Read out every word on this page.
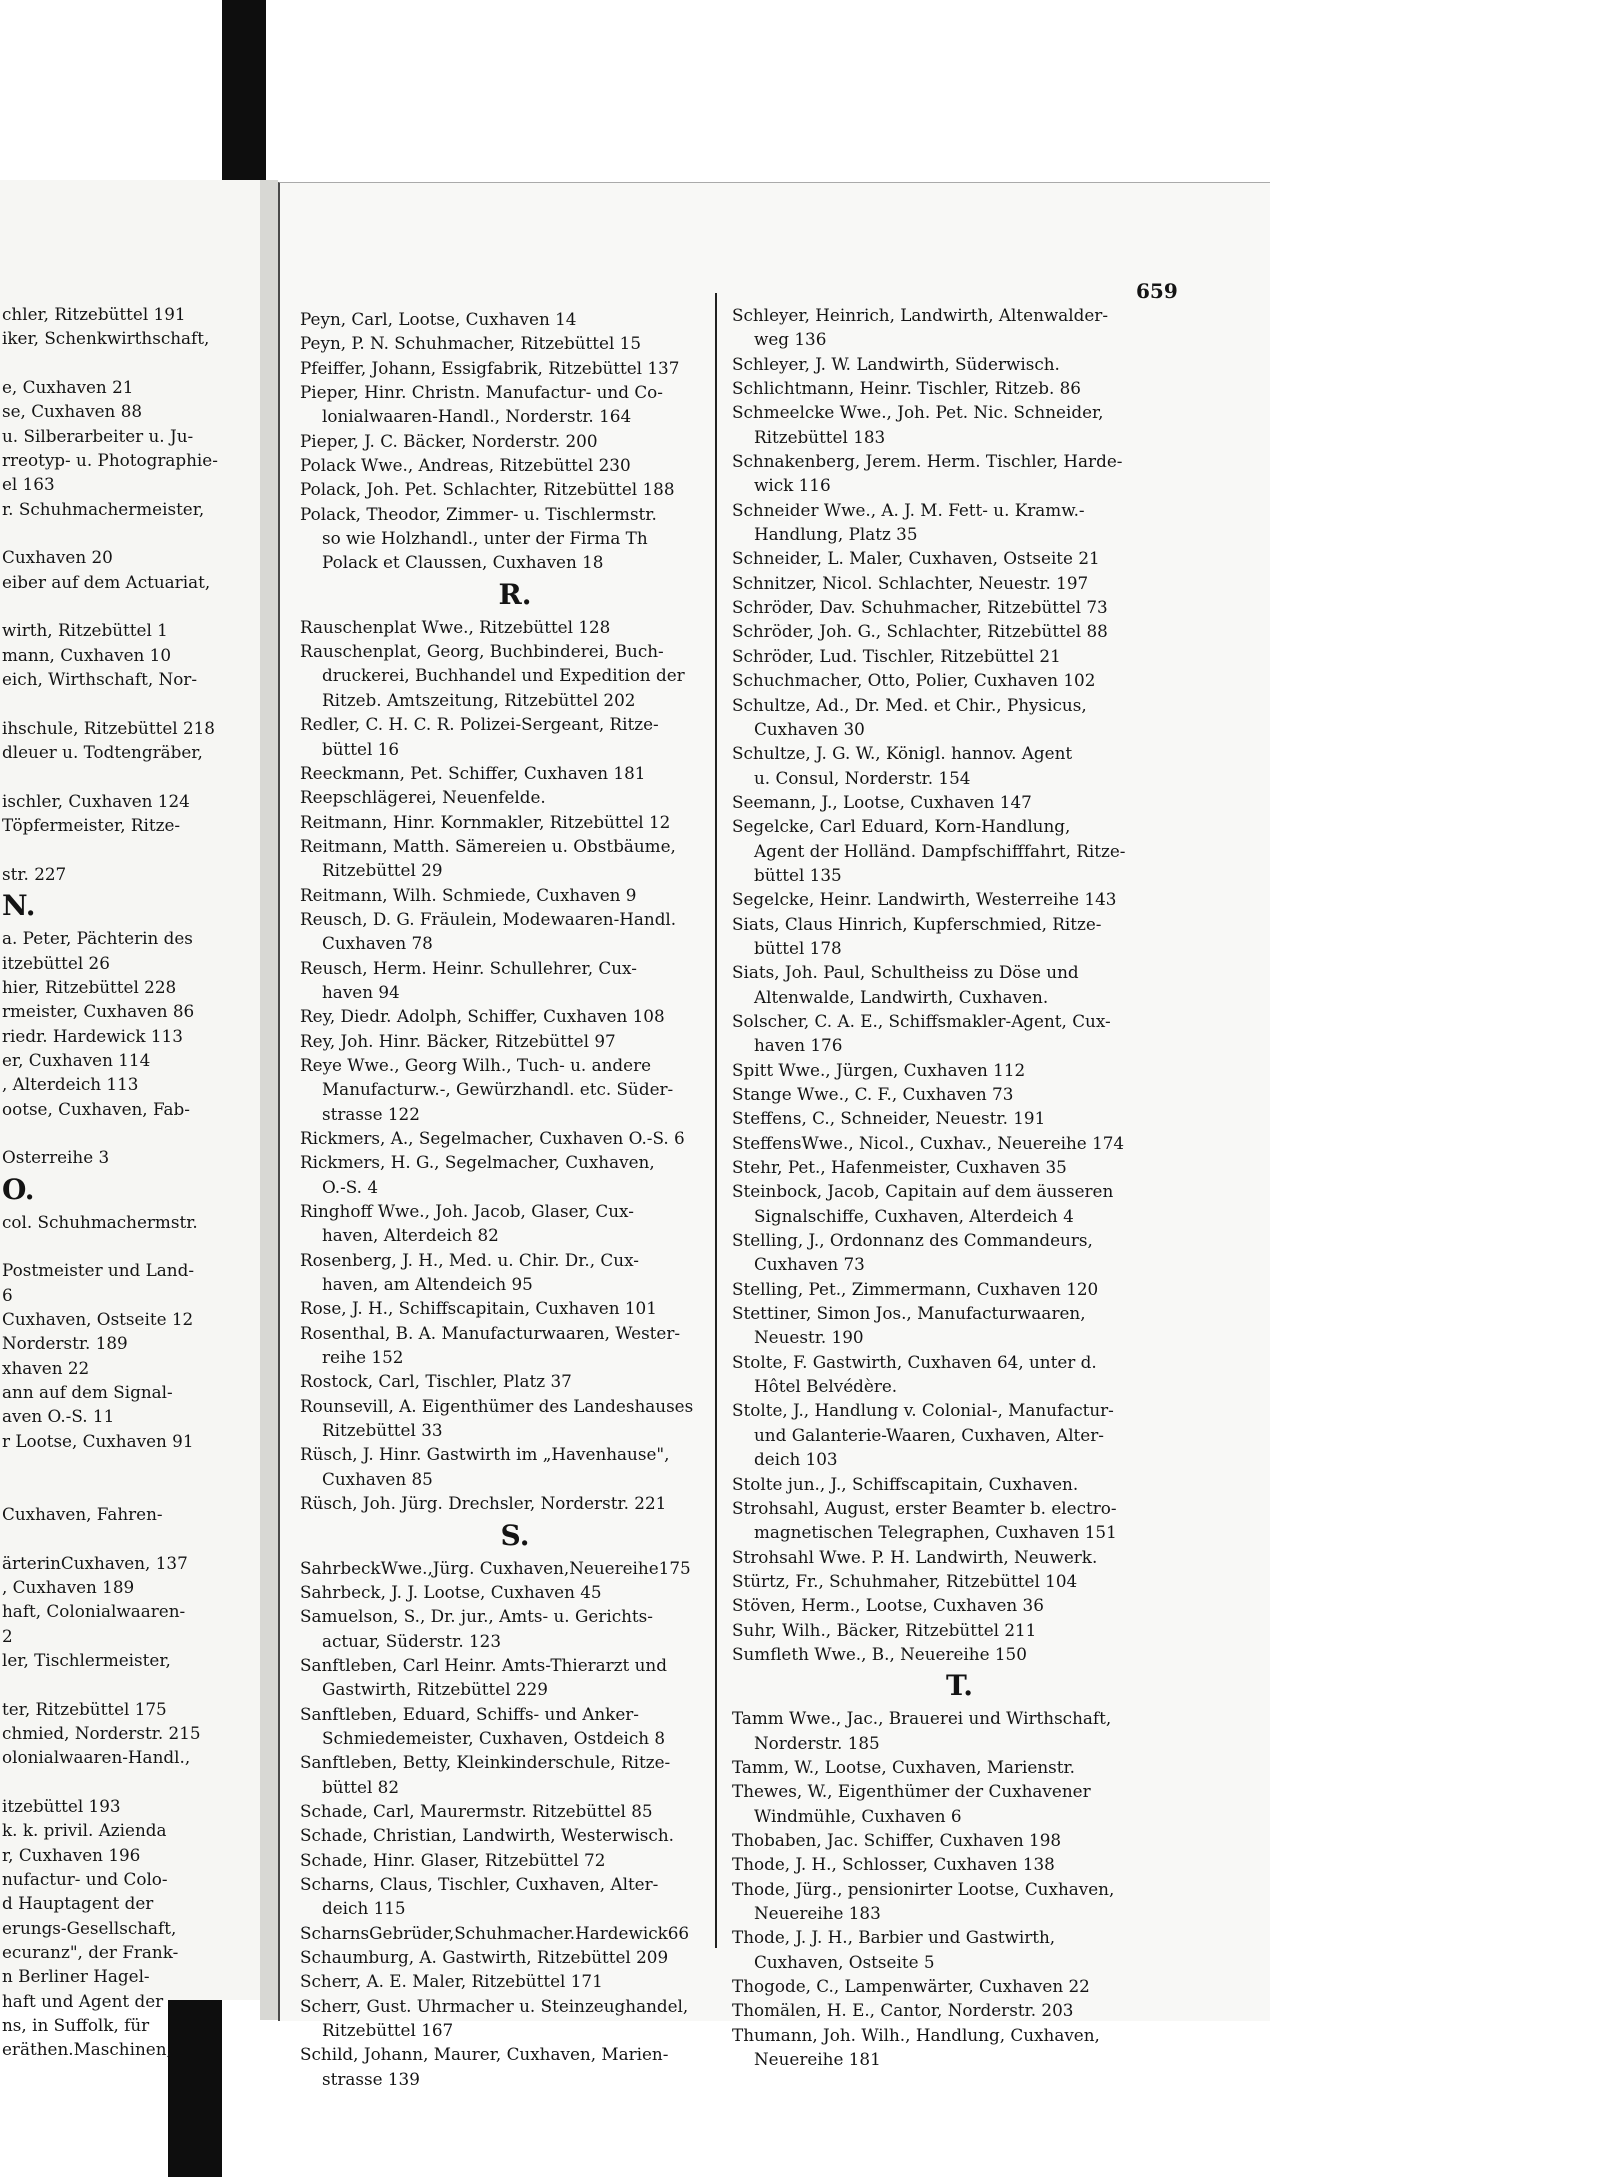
chler, Ritzebüttel 191
iker, Schenkwirthschaft,

e, Cuxhaven 21
se, Cuxhaven 88
u. Silberarbeiter u. Ju-
rreotyp- u. Photographie-
el 163
r. Schuhmachermeister,

Cuxhaven 20
eiber auf dem Actuariat,

wirth, Ritzebüttel 1
mann, Cuxhaven 10
eich, Wirthschaft, Nor-

ihschule, Ritzebüttel 218
dleuer u. Todtengräber,

ischler, Cuxhaven 124
Töpfermeister, Ritze-

str. 227
N.
a. Peter, Pächterin des
itzebüttel 26
hier, Ritzebüttel 228
rmeister, Cuxhaven 86
riedr. Hardewick 113
er, Cuxhaven 114
, Alterdeich 113
ootse, Cuxhaven, Fab-

Osterreihe 3
O.
col. Schuhmachermstr.

Postmeister und Land-
6
Cuxhaven, Ostseite 12
Norderstr. 189
xhaven 22
ann auf dem Signal-
aven O.-S. 11
r Lootse, Cuxhaven 91

Cuxhaven, Fahren-

ärterinCuxhaven, 137
, Cuxhaven 189
haft, Colonialwaaren-
2
ler, Tischlermeister,

ter, Ritzebüttel 175
chmied, Norderstr. 215
olonialwaaren-Handl.,

itzebüttel 193
k. k. privil. Azienda
r, Cuxhaven 196
nufactur- und Colo-
d Hauptagent der
erungs-Gesellschaft,
ecuranz", der Frank-
n Berliner Hagel-
haft und Agent der
ns, in Suffolk, für
eräthen.Maschinen,
659
Peyn, Carl, Lootse, Cuxhaven 14
Peyn, P. N. Schuhmacher, Ritzebüttel 15
Pfeiffer, Johann, Essigfabrik, Ritzebüttel 137
Pieper, Hinr. Christn. Manufactur- und Co-
lonialwaaren-Handl., Norderstr. 164
Pieper, J. C. Bäcker, Norderstr. 200
Polack Wwe., Andreas, Ritzebüttel 230
Polack, Joh. Pet. Schlachter, Ritzebüttel 188
Polack, Theodor, Zimmer- u. Tischlermstr.
so wie Holzhandl., unter der Firma Th
Polack et Claussen, Cuxhaven 18
R.
Rauschenplat Wwe., Ritzebüttel 128
Rauschenplat, Georg, Buchbinderei, Buch-
druckerei, Buchhandel und Expedition der
Ritzeb. Amtszeitung, Ritzebüttel 202
Redler, C. H. C. R. Polizei-Sergeant, Ritze-
büttel 16
Reeckmann, Pet. Schiffer, Cuxhaven 181
Reepschlägerei, Neuenfelde.
Reitmann, Hinr. Kornmakler, Ritzebüttel 12
Reitmann, Matth. Sämereien u. Obstbäume,
Ritzebüttel 29
Reitmann, Wilh. Schmiede, Cuxhaven 9
Reusch, D. G. Fräulein, Modewaaren-Handl.
Cuxhaven 78
Reusch, Herm. Heinr. Schullehrer, Cux-
haven 94
Rey, Diedr. Adolph, Schiffer, Cuxhaven 108
Rey, Joh. Hinr. Bäcker, Ritzebüttel 97
Reye Wwe., Georg Wilh., Tuch- u. andere
Manufacturw.-, Gewürzhandl. etc. Süder-
strasse 122
Rickmers, A., Segelmacher, Cuxhaven O.-S. 6
Rickmers, H. G., Segelmacher, Cuxhaven,
O.-S. 4
Ringhoff Wwe., Joh. Jacob, Glaser, Cux-
haven, Alterdeich 82
Rosenberg, J. H., Med. u. Chir. Dr., Cux-
haven, am Altendeich 95
Rose, J. H., Schiffscapitain, Cuxhaven 101
Rosenthal, B. A. Manufacturwaaren, Wester-
reihe 152
Rostock, Carl, Tischler, Platz 37
Rounsevill, A. Eigenthümer des Landeshauses
Ritzebüttel 33
Rüsch, J. Hinr. Gastwirth im „Havenhause",
Cuxhaven 85
Rüsch, Joh. Jürg. Drechsler, Norderstr. 221
S.
SahrbeckWwe.,Jürg. Cuxhaven,Neuereihe175
Sahrbeck, J. J. Lootse, Cuxhaven 45
Samuelson, S., Dr. jur., Amts- u. Gerichts-
actuar, Süderstr. 123
Sanftleben, Carl Heinr. Amts-Thierarzt und
Gastwirth, Ritzebüttel 229
Sanftleben, Eduard, Schiffs- und Anker-
Schmiedemeister, Cuxhaven, Ostdeich 8
Sanftleben, Betty, Kleinkinderschule, Ritze-
büttel 82
Schade, Carl, Maurermstr. Ritzebüttel 85
Schade, Christian, Landwirth, Westerwisch.
Schade, Hinr. Glaser, Ritzebüttel 72
Scharns, Claus, Tischler, Cuxhaven, Alter-
deich 115
ScharnsGebrüder,Schuhmacher.Hardewick66
Schaumburg, A. Gastwirth, Ritzebüttel 209
Scherr, A. E. Maler, Ritzebüttel 171
Scherr, Gust. Uhrmacher u. Steinzeughandel,
Ritzebüttel 167
Schild, Johann, Maurer, Cuxhaven, Marien-
strasse 139
Schleyer, Heinrich, Landwirth, Altenwalder-
weg 136
Schleyer, J. W. Landwirth, Süderwisch.
Schlichtmann, Heinr. Tischler, Ritzeb. 86
Schmeelcke Wwe., Joh. Pet. Nic. Schneider,
Ritzebüttel 183
Schnakenberg, Jerem. Herm. Tischler, Harde-
wick 116
Schneider Wwe., A. J. M. Fett- u. Kramw.-
Handlung, Platz 35
Schneider, L. Maler, Cuxhaven, Ostseite 21
Schnitzer, Nicol. Schlachter, Neuestr. 197
Schröder, Dav. Schuhmacher, Ritzebüttel 73
Schröder, Joh. G., Schlachter, Ritzebüttel 88
Schröder, Lud. Tischler, Ritzebüttel 21
Schuchmacher, Otto, Polier, Cuxhaven 102
Schultze, Ad., Dr. Med. et Chir., Physicus,
Cuxhaven 30
Schultze, J. G. W., Königl. hannov. Agent
u. Consul, Norderstr. 154
Seemann, J., Lootse, Cuxhaven 147
Segelcke, Carl Eduard, Korn-Handlung,
Agent der Holländ. Dampfschifffahrt, Ritze-
büttel 135
Segelcke, Heinr. Landwirth, Westerreihe 143
Siats, Claus Hinrich, Kupferschmied, Ritze-
büttel 178
Siats, Joh. Paul, Schultheiss zu Döse und
Altenwalde, Landwirth, Cuxhaven.
Solscher, C. A. E., Schiffsmakler-Agent, Cux-
haven 176
Spitt Wwe., Jürgen, Cuxhaven 112
Stange Wwe., C. F., Cuxhaven 73
Steffens, C., Schneider, Neuestr. 191
SteffensWwe., Nicol., Cuxhav., Neuereihe 174
Stehr, Pet., Hafenmeister, Cuxhaven 35
Steinbock, Jacob, Capitain auf dem äusseren
Signalschiffe, Cuxhaven, Alterdeich 4
Stelling, J., Ordonnanz des Commandeurs,
Cuxhaven 73
Stelling, Pet., Zimmermann, Cuxhaven 120
Stettiner, Simon Jos., Manufacturwaaren,
Neuestr. 190
Stolte, F. Gastwirth, Cuxhaven 64, unter d.
Hôtel Belvédère.
Stolte, J., Handlung v. Colonial-, Manufactur-
und Galanterie-Waaren, Cuxhaven, Alter-
deich 103
Stolte jun., J., Schiffscapitain, Cuxhaven.
Strohsahl, August, erster Beamter b. electro-
magnetischen Telegraphen, Cuxhaven 151
Strohsahl Wwe. P. H. Landwirth, Neuwerk.
Stürtz, Fr., Schuhmaher, Ritzebüttel 104
Stöven, Herm., Lootse, Cuxhaven 36
Suhr, Wilh., Bäcker, Ritzebüttel 211
Sumfleth Wwe., B., Neuereihe 150
T.
Tamm Wwe., Jac., Brauerei und Wirthschaft,
Norderstr. 185
Tamm, W., Lootse, Cuxhaven, Marienstr.
Thewes, W., Eigenthümer der Cuxhavener
Windmühle, Cuxhaven 6
Thobaben, Jac. Schiffer, Cuxhaven 198
Thode, J. H., Schlosser, Cuxhaven 138
Thode, Jürg., pensionirter Lootse, Cuxhaven,
Neuereihe 183
Thode, J. J. H., Barbier und Gastwirth,
Cuxhaven, Ostseite 5
Thogode, C., Lampenwärter, Cuxhaven 22
Thomälen, H. E., Cantor, Norderstr. 203
Thumann, Joh. Wilh., Handlung, Cuxhaven,
Neuereihe 181
